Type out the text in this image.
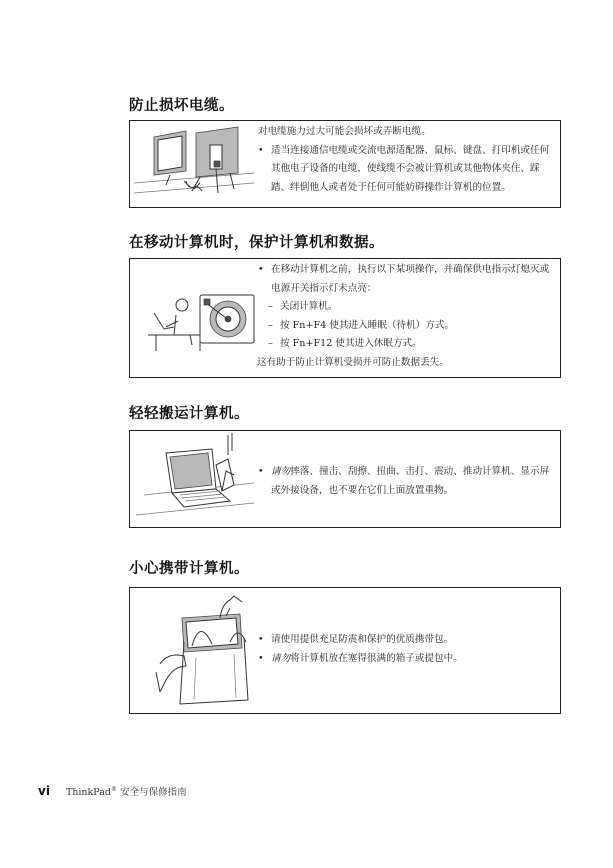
防止损坏电缆。

对电缆施力过大可能会损坏或弄断电缆。

• 适当连接通信电缆或交流电源适配器、鼠标、键盘、打印机或任何其他电子设备的电缆，使线缆不会被计算机或其他物体夹住、踩踏、绊倒他人或者处于任何可能妨碍操作计算机的位置。
在移动计算机时，保护计算机和数据。
• 在移动计算机之前，执行以下某项操作，并确保供电指示灯熄灭或电源开关指示灯未点亮：
– 关闭计算机。
– 按 Fn+F4 使其进入睡眠（待机）方式。
– 按 Fn+F12 使其进入休眠方式。

这有助于防止计算机受损并可防止数据丢失。

轻轻搬运计算机。
• 请勿摔落、撞击、刮擦、扭曲、击打、震动、推动计算机、显示屏或外接设备，也不要在它们上面放置重物。
小心携带计算机。
• 请使用提供充足防震和保护的优质携带包。
• 请勿将计算机放在塞得很满的箱子或提包中。
vi ThinkPad® 安全与保修指南
